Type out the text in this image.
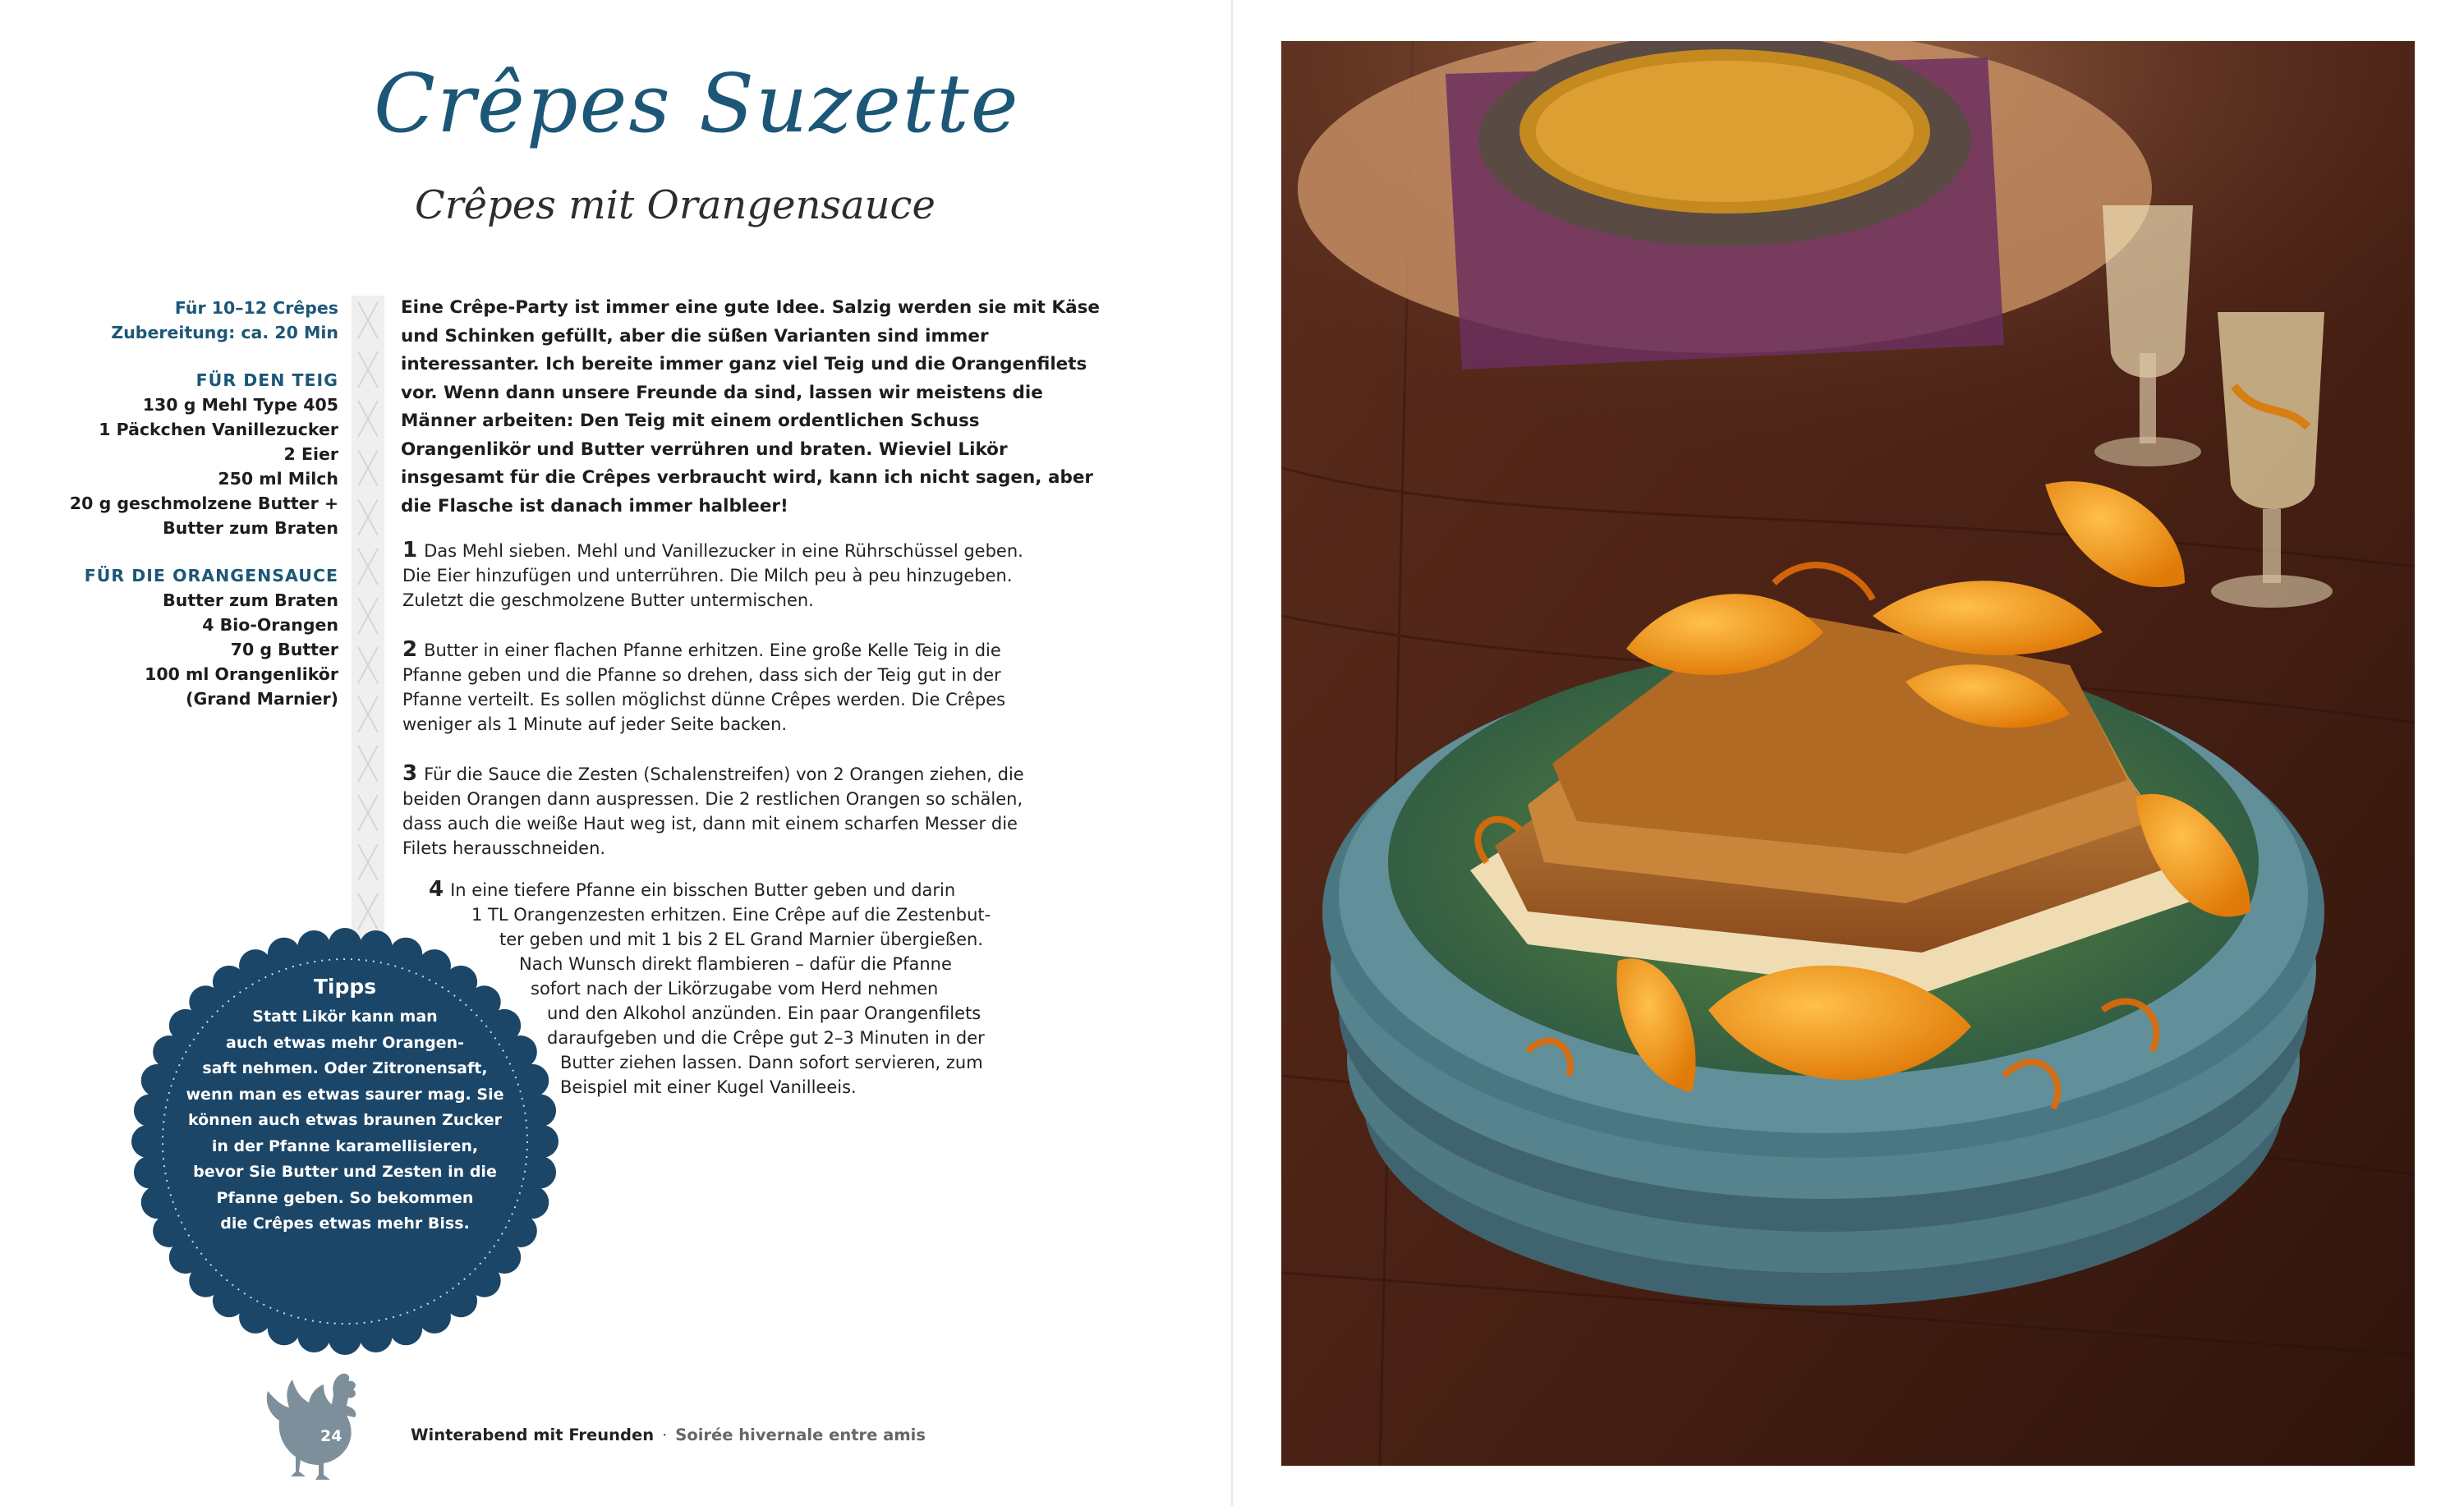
Crêpes Suzette
Crêpes mit Orangensauce
Für 10–12 Crêpes
Zubereitung: ca. 20 Min
FÜR DEN TEIG
130 g Mehl Type 405
1 Päckchen Vanillezucker
2 Eier
250 ml Milch
20 g geschmolzene Butter +
Butter zum Braten
FÜR DIE ORANGENSAUCE
Butter zum Braten
4 Bio-Orangen
70 g Butter
100 ml Orangenlikör
(Grand Marnier)
Eine Crêpe-Party ist immer eine gute Idee. Salzig werden sie mit Käse und Schinken gefüllt, aber die süßen Varianten sind immer interessanter. Ich bereite immer ganz viel Teig und die Orangenfilets vor. Wenn dann unsere Freunde da sind, lassen wir meistens die Männer arbeiten: Den Teig mit einem ordentlichen Schuss Orangenlikör und Butter verrühren und braten. Wieviel Likör insgesamt für die Crêpes verbraucht wird, kann ich nicht sagen, aber die Flasche ist danach immer halbleer!
1 Das Mehl sieben. Mehl und Vanillezucker in eine Rührschüssel geben. Die Eier hinzufügen und unterrühren. Die Milch peu à peu hinzugeben. Zuletzt die geschmolzene Butter untermischen.
2 Butter in einer flachen Pfanne erhitzen. Eine große Kelle Teig in die Pfanne geben und die Pfanne so drehen, dass sich der Teig gut in der Pfanne verteilt. Es sollen möglichst dünne Crêpes werden. Die Crêpes weniger als 1 Minute auf jeder Seite backen.
3 Für die Sauce die Zesten (Schalenstreifen) von 2 Orangen ziehen, die beiden Orangen dann auspressen. Die 2 restlichen Orangen so schälen, dass auch die weiße Haut weg ist, dann mit einem scharfen Messer die Filets herausschneiden.
4 In eine tiefere Pfanne ein bisschen Butter geben und darin
1 TL Orangenzesten erhitzen. Eine Crêpe auf die Zestenbut-
ter geben und mit 1 bis 2 EL Grand Marnier übergießen.
Nach Wunsch direkt flambieren – dafür die Pfanne
sofort nach der Likörzugabe vom Herd nehmen
und den Alkohol anzünden. Ein paar Orangenfilets
daraufgeben und die Crêpe gut 2–3 Minuten in der
Butter ziehen lassen. Dann sofort servieren, zum
Beispiel mit einer Kugel Vanilleeis.
Tipps
Statt Likör kann man
auch etwas mehr Orangen-
saft nehmen. Oder Zitronensaft,
wenn man es etwas saurer mag. Sie
können auch etwas braunen Zucker
in der Pfanne karamellisieren,
bevor Sie Butter und Zesten in die
Pfanne geben. So bekommen
die Crêpes etwas mehr Biss.
24	Winterabend mit Freunden · Soirée hivernale entre amis
